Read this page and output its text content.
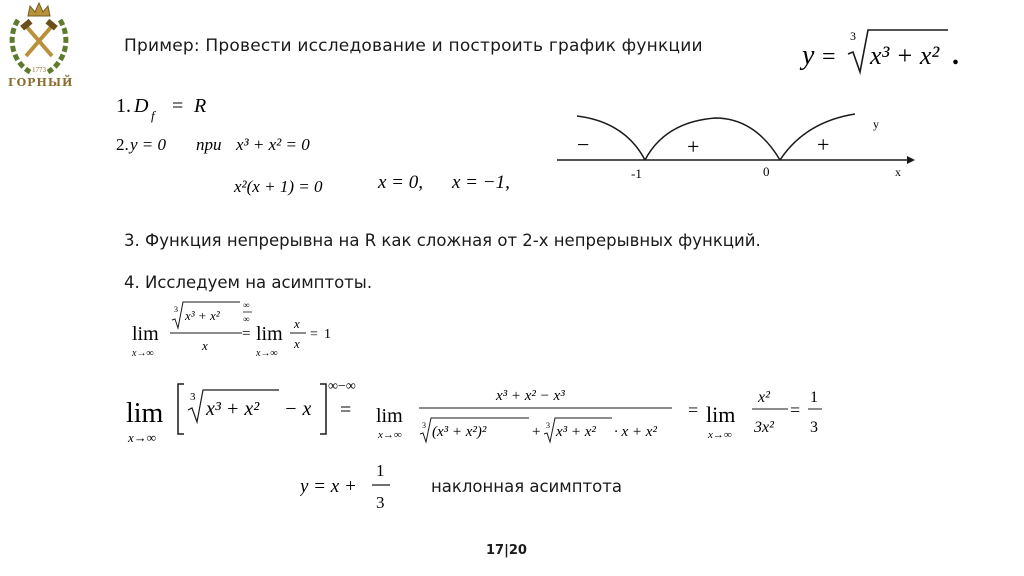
1773
ГОРНЫЙ
Пример: Провести исследование и построить график функции	y =
3
x³ + x² .
1. D f = R
2. y = 0 при x³ + x² = 0
x²(x + 1) = 0	x = 0, x = −1,	-1	0	x
y
−	+	+
3. Функция непрерывна на R как сложная от 2-х непрерывных функций.
4. Исследуем на асимптоты.
lim
x→∞
3 x³ + x²
x
∞
∞
= lim
x→∞
x
x
= 1
lim
x→∞
3
x³ + x² − x
∞−∞
= lim
x→∞
x³ + x² − x³
3 (x³ + x²)²	+ 3 x³ + x² · x + x²
= lim
x→∞
x²
3x²
=
1
3
y = x +
1
3
наклонная асимптота
17|20
